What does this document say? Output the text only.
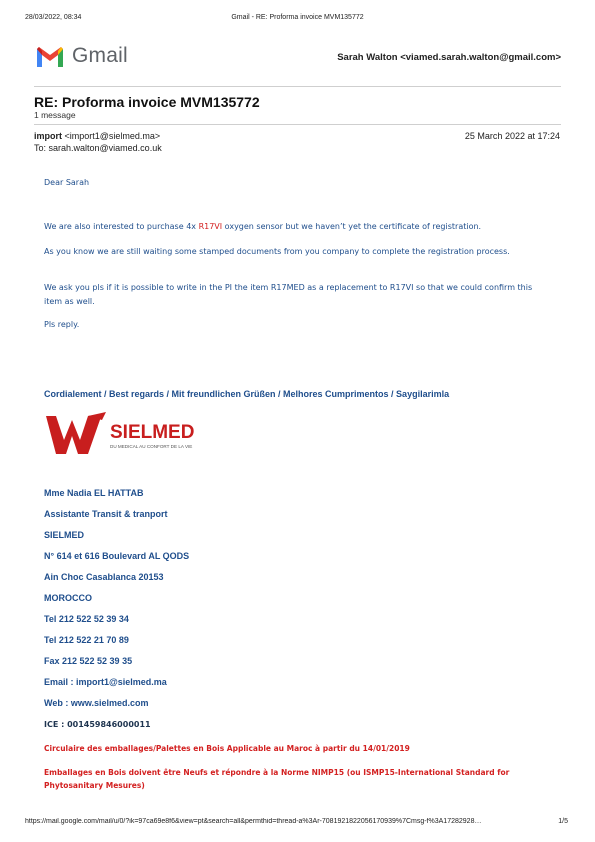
28/03/2022, 08:34	Gmail - RE: Proforma invoice MVM135772
Gmail	Sarah Walton <viamed.sarah.walton@gmail.com>
RE: Proforma invoice MVM135772
1 message
import <import1@sielmed.ma>	25 March 2022 at 17:24
To: sarah.walton@viamed.co.uk
Dear Sarah
We are also interested to purchase 4x R17VI oxygen sensor but we haven’t yet the certificate of registration.
As you know we are still waiting some stamped documents from you company to complete the registration process.
We ask you pls if it is possible to write in the PI the item R17MED as a replacement to R17VI so that we could confirm this item as well.
Pls reply.
Cordialement / Best regards / Mit freundlichen Grüßen / Melhores Cumprimentos / Saygilarimla
SIELMED
DU MEDICAL AU CONFORT DE LA VIE
Mme Nadia EL HATTAB
Assistante Transit & tranport
SIELMED
N° 614 et 616 Boulevard AL QODS
Ain Choc Casablanca 20153
MOROCCO
Tel 212 522 52 39 34
Tel 212 522 21 70 89
Fax 212 522 52 39 35
Email : import1@sielmed.ma
Web : www.sielmed.com
ICE : 001459846000011
Circulaire des emballages/Palettes en Bois Applicable au Maroc à partir du 14/01/2019
Emballages en Bois doivent être Neufs et répondre à la Norme NIMP15 (ou ISMP15-International Standard for Phytosanitary Mesures)
https://mail.google.com/mail/u/0/?ik=97ca69e8f6&view=pt&search=all&permthid=thread-a%3Ar-7081921822056170939%7Cmsg-f%3A17282928…	1/5
